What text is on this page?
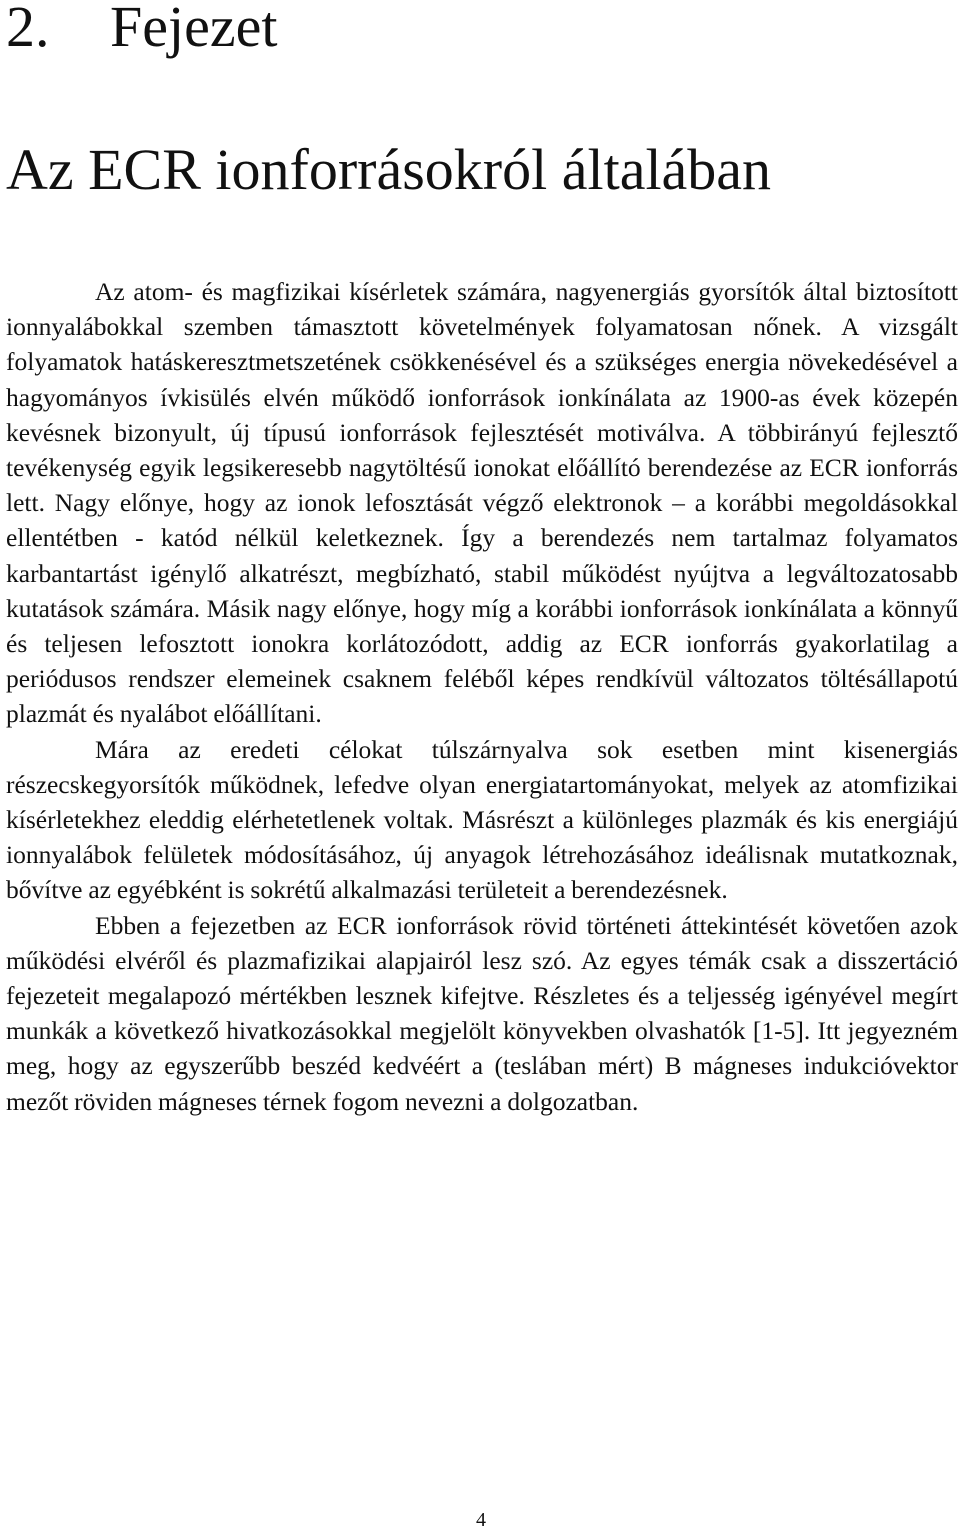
2. Fejezet
Az ECR ionforrásokról általában

Az atom- és magfizikai kísérletek számára, nagyenergiás gyorsítók által biztosított ionnyalábokkal szemben támasztott követelmények folyamatosan nőnek. A vizsgált folyamatok hatáskeresztmetszetének csökkenésével és a szükséges energia növekedésével a hagyományos ívkisülés elvén működő ionforrások ionkínálata az 1900-as évek közepén kevésnek bizonyult, új típusú ionforrások fejlesztését motiválva. A többirányú fejlesztő tevékenység egyik legsikeresebb nagytöltésű ionokat előállító berendezése az ECR ionforrás lett. Nagy előnye, hogy az ionok lefosztását végző elektronok – a korábbi megoldásokkal ellentétben - katód nélkül keletkeznek. Így a berendezés nem tartalmaz folyamatos karbantartást igénylő alkatrészt, megbízható, stabil működést nyújtva a legváltozatosabb kutatások számára. Másik nagy előnye, hogy míg a korábbi ionforrások ionkínálata a könnyű és teljesen lefosztott ionokra korlátozódott, addig az ECR ionforrás gyakorlatilag a periódusos rendszer elemeinek csaknem feléből képes rendkívül változatos töltésállapotú plazmát és nyalábot előállítani.

Mára az eredeti célokat túlszárnyalva sok esetben mint kisenergiás részecskegyorsítók működnek, lefedve olyan energiatartományokat, melyek az atomfizikai kísérletekhez eleddig elérhetetlenek voltak. Másrészt a különleges plazmák és kis energiájú ionnyalábok felületek módosításához, új anyagok létrehozásához ideálisnak mutatkoznak, bővítve az egyébként is sokrétű alkalmazási területeit a berendezésnek.

Ebben a fejezetben az ECR ionforrások rövid történeti áttekintését követően azok működési elvéről és plazmafizikai alapjairól lesz szó. Az egyes témák csak a disszertáció fejezeteit megalapozó mértékben lesznek kifejtve. Részletes és a teljesség igényével megírt munkák a következő hivatkozásokkal megjelölt könyvekben olvashatók [1-5]. Itt jegyezném meg, hogy az egyszerűbb beszéd kedvéért a (teslában mért) B mágneses indukcióvektor mezőt röviden mágneses térnek fogom nevezni a dolgozatban.

4
